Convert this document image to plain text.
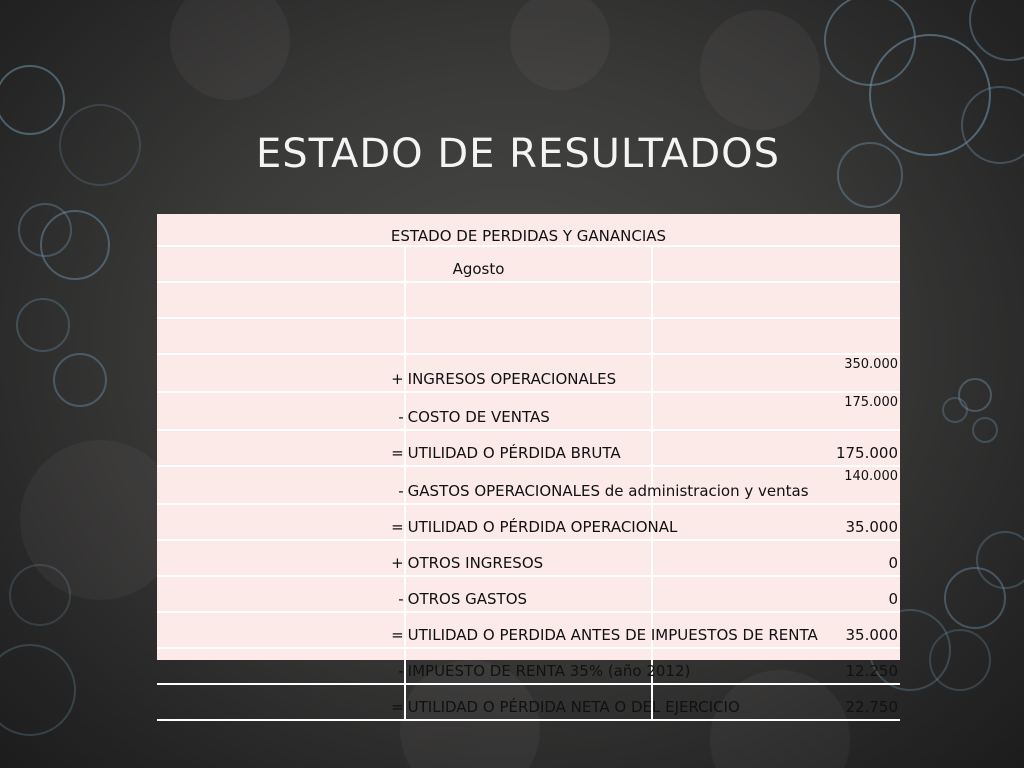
ESTADO DE RESULTADOS
ESTADO DE PERDIDAS Y GANANCIAS		
	Agosto	

+	INGRESOS OPERACIONALES	350.000
-	COSTO DE VENTAS	175.000
=	UTILIDAD O PÉRDIDA BRUTA	175.000
-	GASTOS OPERACIONALES de administracion y ventas	140.000
=	UTILIDAD O PÉRDIDA OPERACIONAL	35.000
+	OTROS INGRESOS	0
-	OTROS GASTOS	0
=	UTILIDAD O PERDIDA ANTES DE IMPUESTOS DE RENTA	35.000
-	IMPUESTO DE RENTA 35% (año 2012)	12.250
=	UTILIDAD O PÉRDIDA NETA O DEL EJERCICIO	22.750
